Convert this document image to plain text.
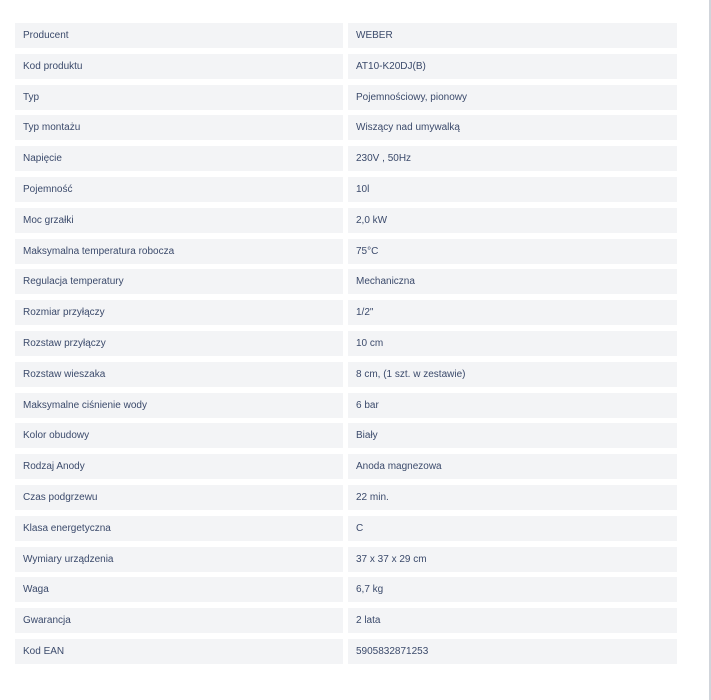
Producent	WEBER
Kod produktu	AT10-K20DJ(B)
Typ	Pojemnościowy, pionowy
Typ montażu	Wiszący nad umywalką
Napięcie	230V , 50Hz
Pojemność	10l
Moc grzałki	2,0 kW
Maksymalna temperatura robocza	75°C
Regulacja temperatury	Mechaniczna
Rozmiar przyłączy	1/2"
Rozstaw przyłączy	10 cm
Rozstaw wieszaka	8 cm, (1 szt. w zestawie)
Maksymalne ciśnienie wody	6 bar
Kolor obudowy	Biały
Rodzaj Anody	Anoda magnezowa
Czas podgrzewu	22 min.
Klasa energetyczna	C
Wymiary urządzenia	37 x 37 x 29 cm
Waga	6,7 kg
Gwarancja	2 lata
Kod EAN	5905832871253
